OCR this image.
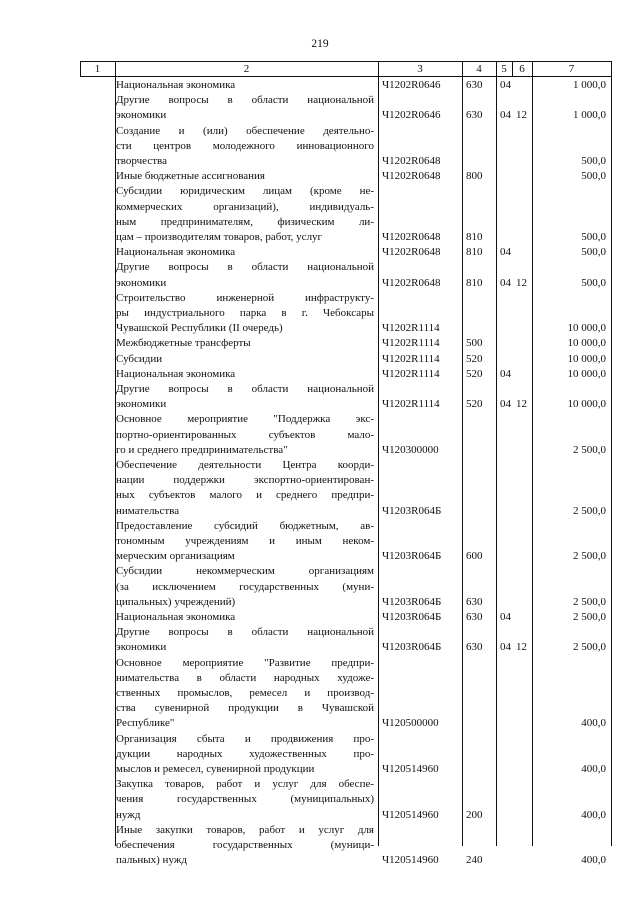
219
1	2	3	4	5	6	7
Национальная экономика	Ч1202R0646 630 04	1 000,0
Другие вопросы в области национальной
экономики	Ч1202R0646 630 04 12	1 000,0
Создание и (или) обеспечение деятельно-
сти центров молодежного инновационного
творчества	Ч1202R0648	500,0
Иные бюджетные ассигнования	Ч1202R0648 800	500,0
Субсидии юридическим лицам (кроме не-
коммерческих организаций), индивидуаль-
ным предпринимателям, физическим ли-
цам – производителям товаров, работ, услуг	Ч1202R0648 810	500,0
Национальная экономика	Ч1202R0648 810 04	500,0
Другие вопросы в области национальной
экономики	Ч1202R0648 810 04 12	500,0
Строительство инженерной инфраструкту-
ры индустриального парка в г. Чебоксары
Чувашской Республики (II очередь)	Ч1202R1114	10 000,0
Межбюджетные трансферты	Ч1202R1114 500	10 000,0
Субсидии	Ч1202R1114 520	10 000,0
Национальная экономика	Ч1202R1114 520 04	10 000,0
Другие вопросы в области национальной
экономики	Ч1202R1114 520 04 12	10 000,0
Основное мероприятие "Поддержка экс-
портно-ориентированных субъектов мало-
го и среднего предпринимательства"	Ч120300000	2 500,0
Обеспечение деятельности Центра коорди-
нации поддержки экспортно-ориентирован-
ных субъектов малого и среднего предпри-
нимательства	Ч1203R064Б	2 500,0
Предоставление субсидий бюджетным, ав-
тономным учреждениям и иным неком-
мерческим организациям	Ч1203R064Б 600	2 500,0
Субсидии некоммерческим организациям
(за исключением государственных (муни-
ципальных) учреждений)	Ч1203R064Б 630	2 500,0
Национальная экономика	Ч1203R064Б 630 04	2 500,0
Другие вопросы в области национальной
экономики	Ч1203R064Б 630 04 12	2 500,0
Основное мероприятие "Развитие предпри-
нимательства в области народных художе-
ственных промыслов, ремесел и производ-
ства сувенирной продукции в Чувашской
Республике"	Ч120500000	400,0
Организация сбыта и продвижения про-
дукции народных художественных про-
мыслов и ремесел, сувенирной продукции	Ч120514960	400,0
Закупка товаров, работ и услуг для обеспе-
чения государственных (муниципальных)
нужд	Ч120514960 200	400,0
Иные закупки товаров, работ и услуг для
обеспечения государственных (муници-
пальных) нужд	Ч120514960 240	400,0
